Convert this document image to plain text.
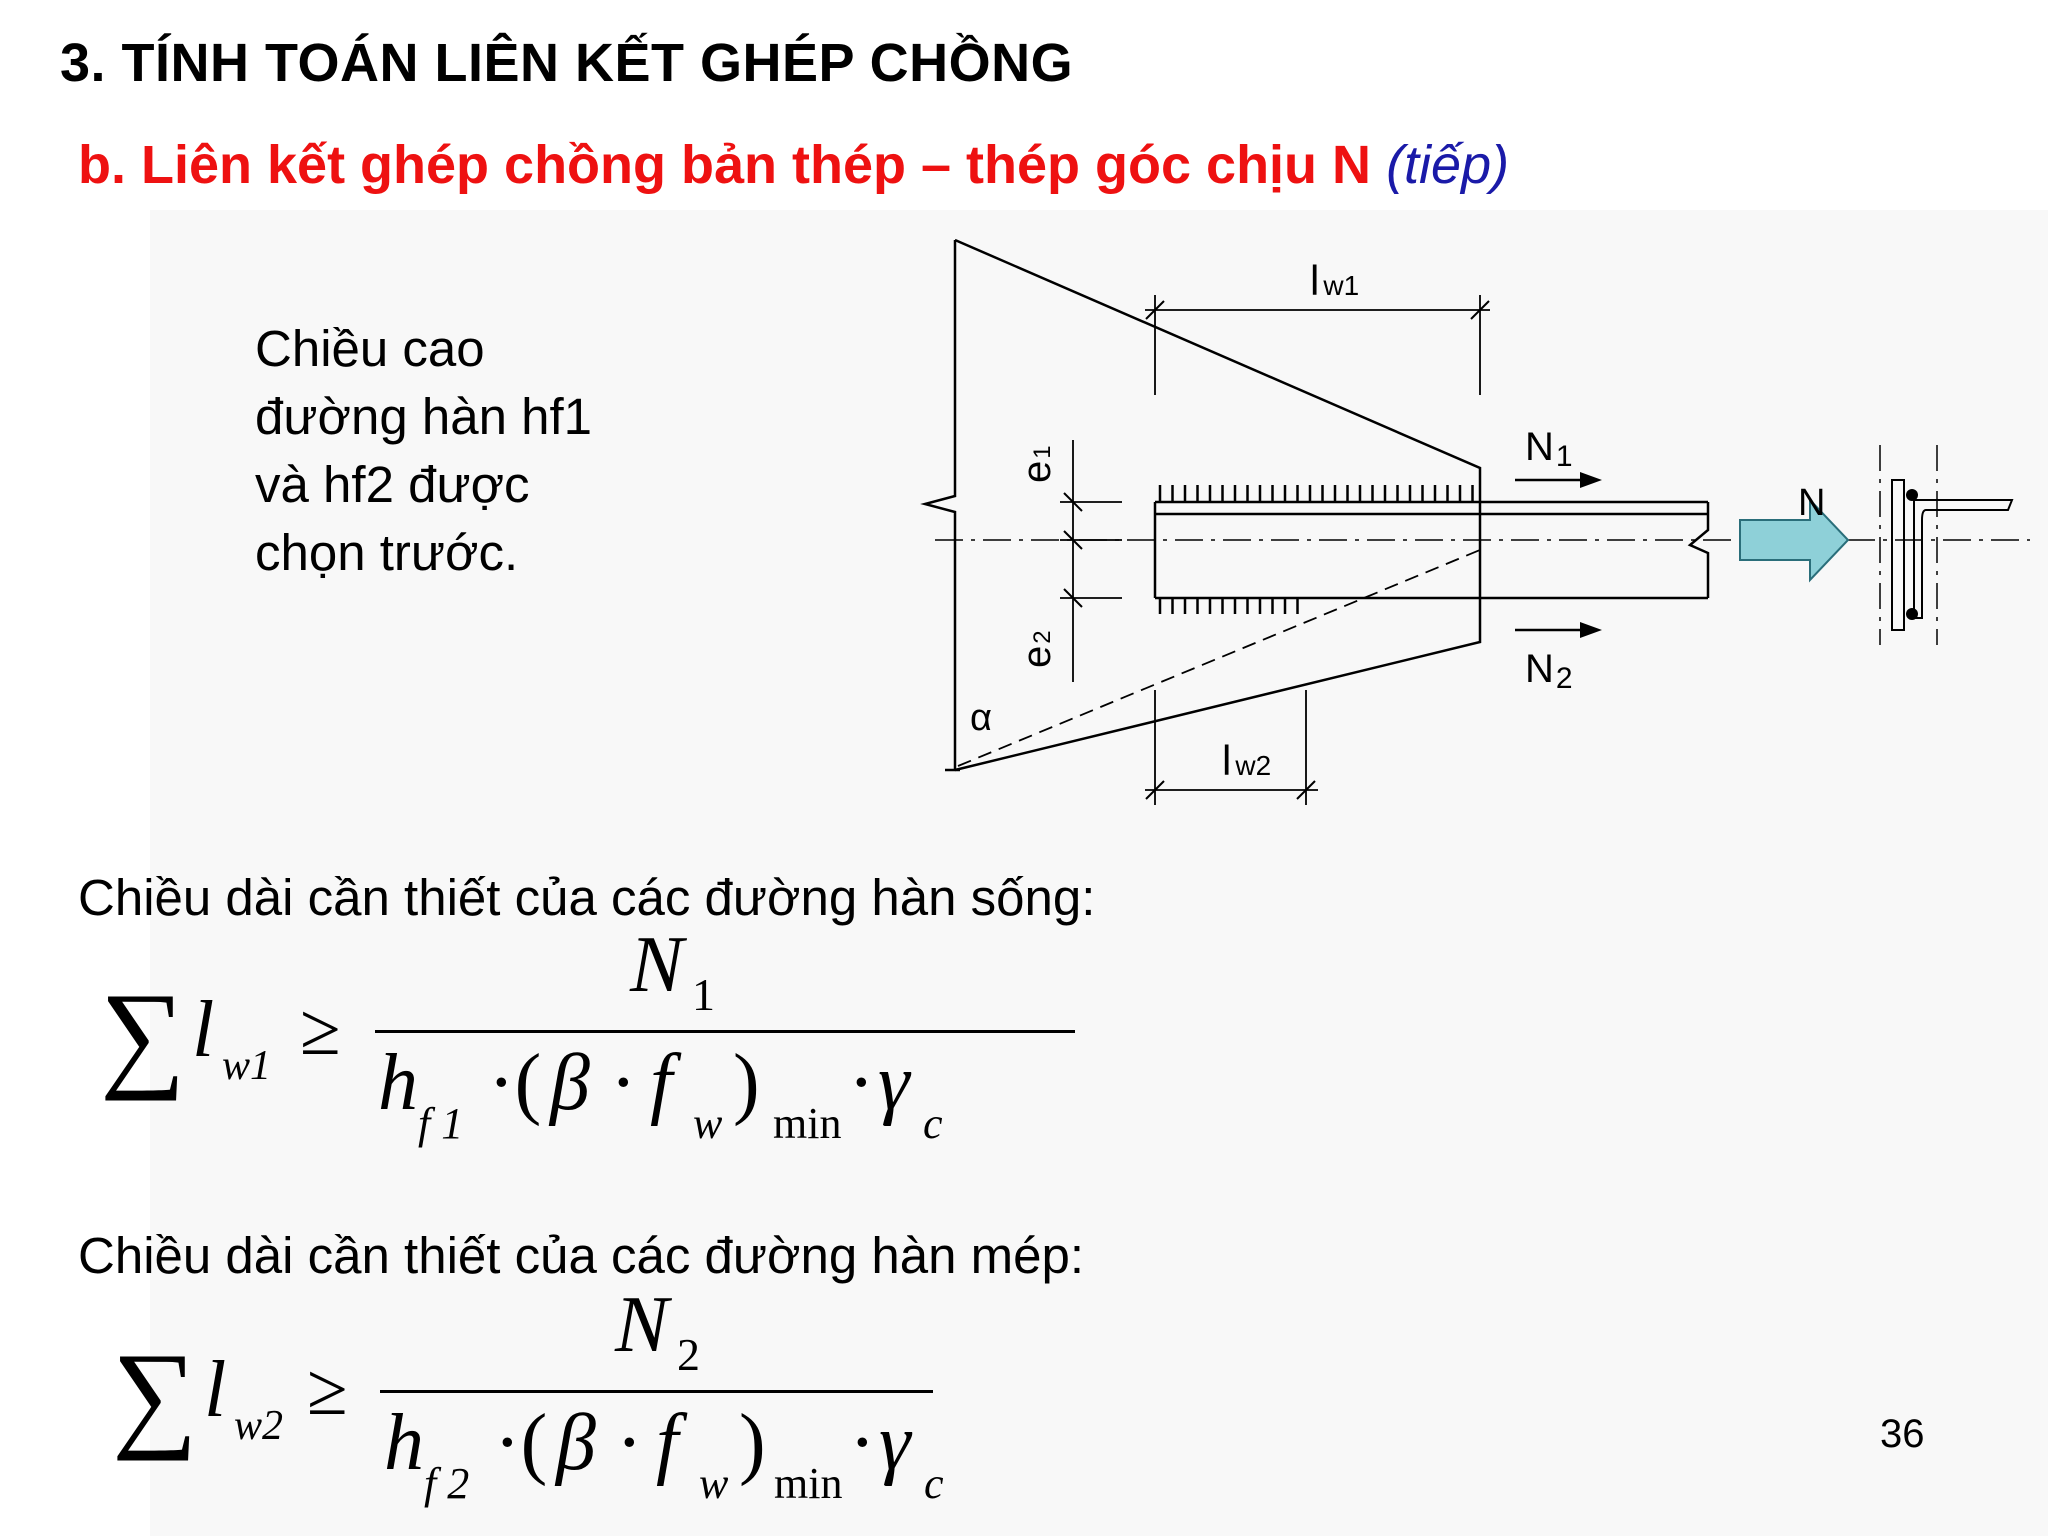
3. TÍNH TOÁN LIÊN KẾT GHÉP CHỒNG
b. Liên kết ghép chồng bản thép – thép góc chịu N (tiếp)
Chiều cao
đường hàn hf1
và hf2 được
chọn trước.
lw1
lw2
N1
N2
N
e1
e2
α
Chiều dài cần thiết của các đường hàn sống:
∑ l w1 ≥
N 1
h f 1 ·( β · f w ) min · γ c
Chiều dài cần thiết của các đường hàn mép:
∑ l w2 ≥
N 2
h f 2 ·( β · f w ) min · γ c
36
